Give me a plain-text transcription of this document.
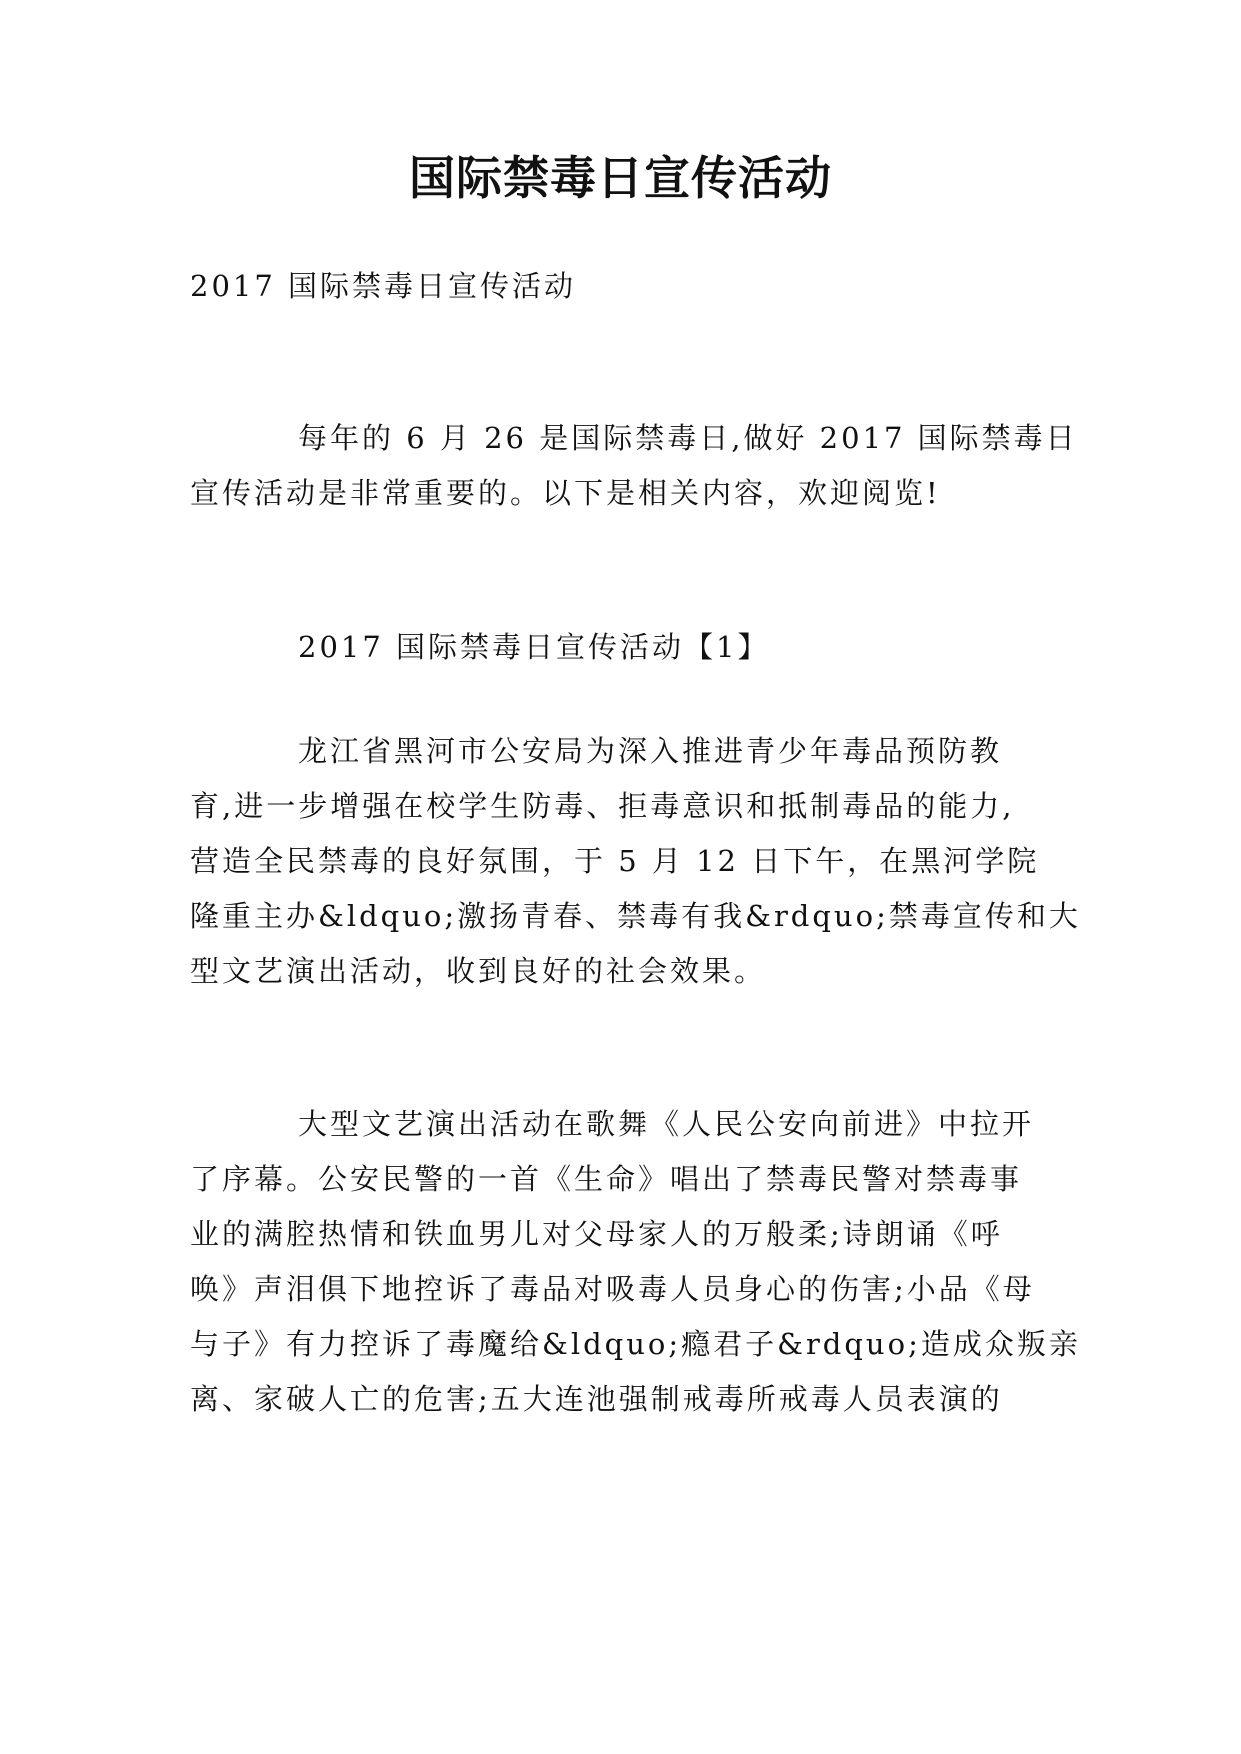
国际禁毒日宣传活动
2017 国际禁毒日宣传活动
每年的 6 月 26 是国际禁毒日,做好 2017 国际禁毒日
宣传活动是非常重要的。以下是相关内容，欢迎阅览!
2017 国际禁毒日宣传活动【1】
龙江省黑河市公安局为深入推进青少年毒品预防教
育,进一步增强在校学生防毒、拒毒意识和抵制毒品的能力,
营造全民禁毒的良好氛围，于 5 月 12 日下午，在黑河学院
隆重主办&ldquo;激扬青春、禁毒有我&rdquo;禁毒宣传和大
型文艺演出活动，收到良好的社会效果。
大型文艺演出活动在歌舞《人民公安向前进》中拉开
了序幕。公安民警的一首《生命》唱出了禁毒民警对禁毒事
业的满腔热情和铁血男儿对父母家人的万般柔;诗朗诵《呼
唤》声泪俱下地控诉了毒品对吸毒人员身心的伤害;小品《母
与子》有力控诉了毒魔给&ldquo;瘾君子&rdquo;造成众叛亲
离、家破人亡的危害;五大连池强制戒毒所戒毒人员表演的
